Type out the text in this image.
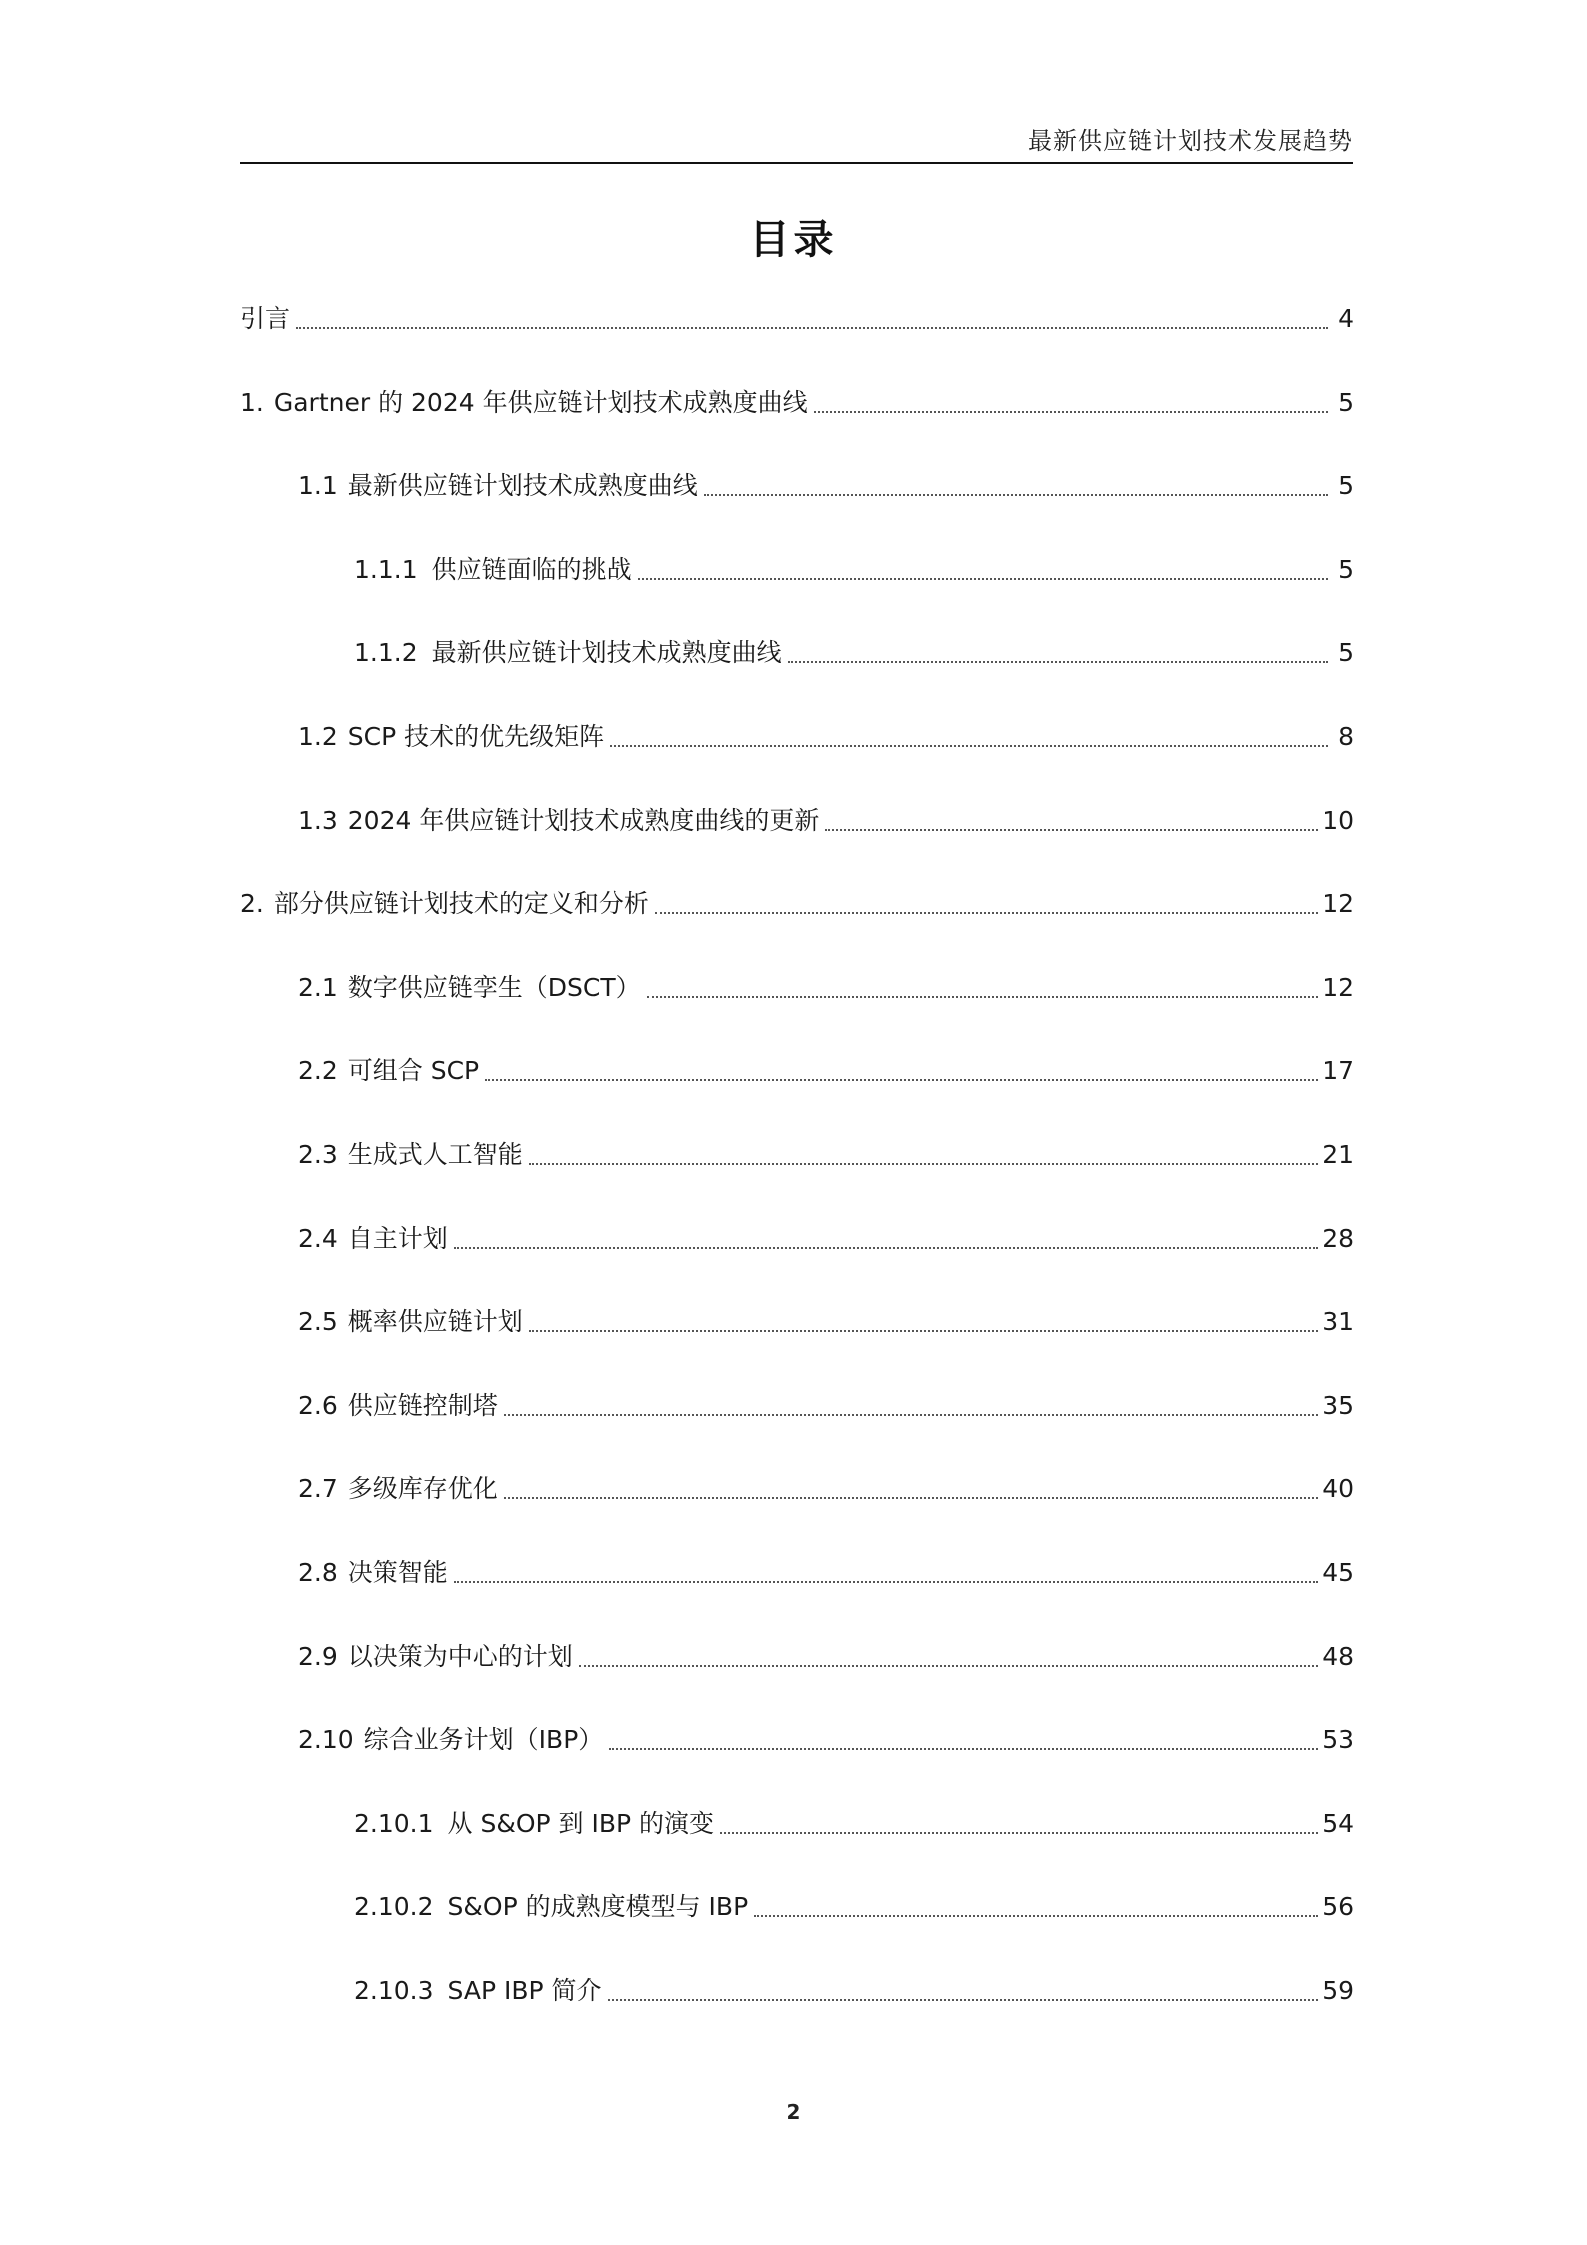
最新供应链计划技术发展趋势
目录
引言	4
1. Gartner 的 2024 年供应链计划技术成熟度曲线	5
1.1 最新供应链计划技术成熟度曲线	5
1.1.1 供应链面临的挑战	5
1.1.2 最新供应链计划技术成熟度曲线	5
1.2 SCP 技术的优先级矩阵	8
1.3 2024 年供应链计划技术成熟度曲线的更新	10
2. 部分供应链计划技术的定义和分析	12
2.1 数字供应链孪生（DSCT）	12
2.2 可组合 SCP	17
2.3 生成式人工智能	21
2.4 自主计划	28
2.5 概率供应链计划	31
2.6 供应链控制塔	35
2.7 多级库存优化	40
2.8 决策智能	45
2.9 以决策为中心的计划	48
2.10 综合业务计划（IBP）	53
2.10.1 从 S&OP 到 IBP 的演变	54
2.10.2 S&OP 的成熟度模型与 IBP	56
2.10.3 SAP IBP 简介	59
2
